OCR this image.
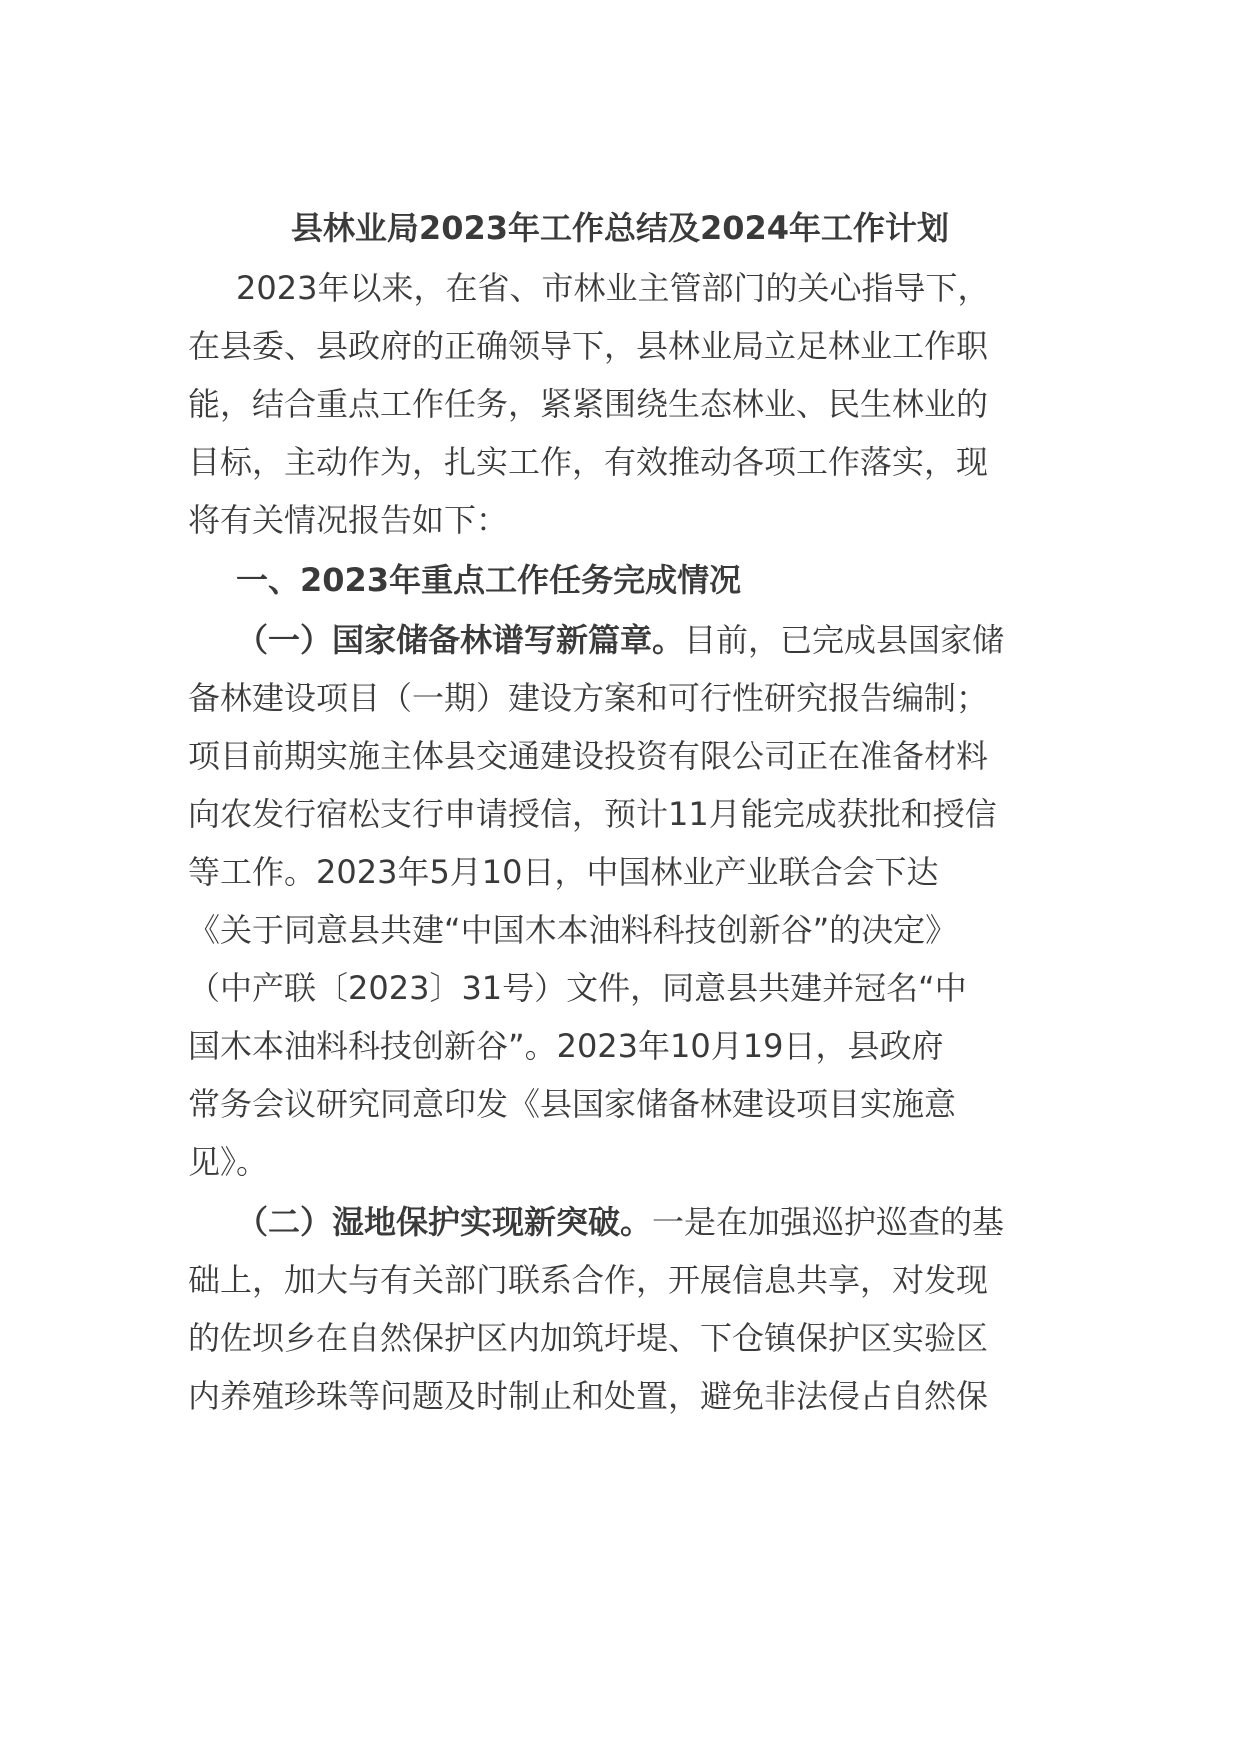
县林业局2023年工作总结及2024年工作计划
2023年以来，在省、市林业主管部门的关心指导下，
在县委、县政府的正确领导下，县林业局立足林业工作职
能，结合重点工作任务，紧紧围绕生态林业、民生林业的
目标，主动作为，扎实工作，有效推动各项工作落实，现
将有关情况报告如下：
一、2023年重点工作任务完成情况
（一）国家储备林谱写新篇章。目前，已完成县国家储
备林建设项目（一期）建设方案和可行性研究报告编制；
项目前期实施主体县交通建设投资有限公司正在准备材料
向农发行宿松支行申请授信，预计11月能完成获批和授信
等工作。2023年5月10日，中国林业产业联合会下达
《关于同意县共建“中国木本油料科技创新谷”的决定》
（中产联〔2023〕31号）文件，同意县共建并冠名“中
国木本油料科技创新谷”。2023年10月19日，县政府
常务会议研究同意印发《县国家储备林建设项目实施意
见》。
（二）湿地保护实现新突破。一是在加强巡护巡查的基
础上，加大与有关部门联系合作，开展信息共享，对发现
的佐坝乡在自然保护区内加筑圩堤、下仓镇保护区实验区
内养殖珍珠等问题及时制止和处置，避免非法侵占自然保
